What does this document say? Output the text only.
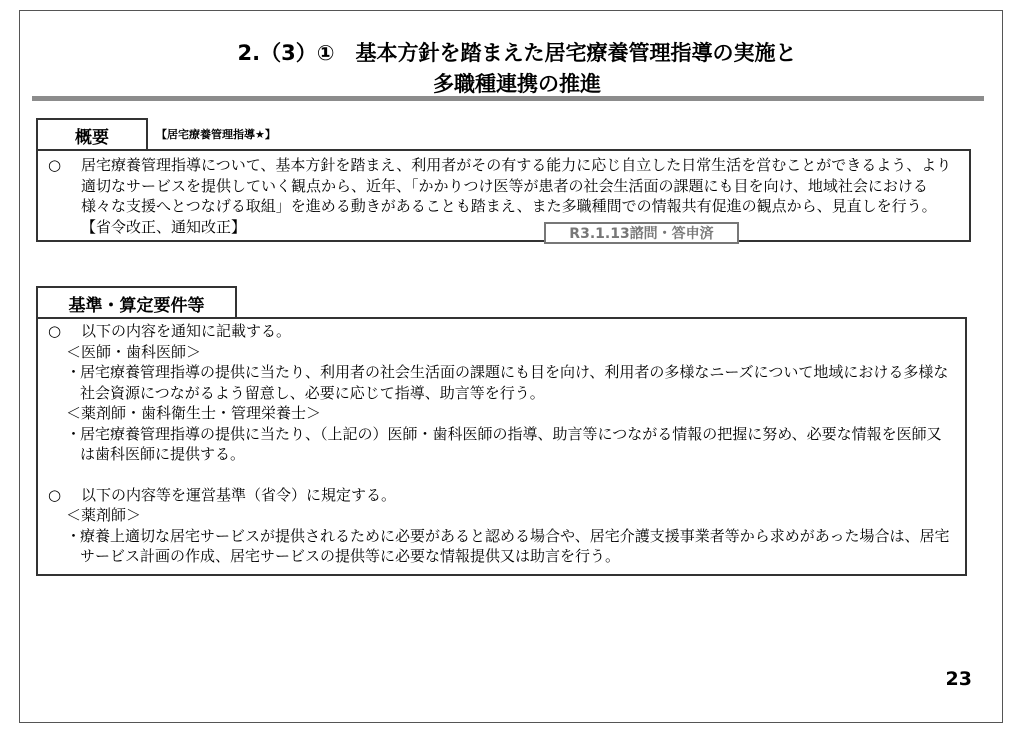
2.（3）①　基本方針を踏まえた居宅療養管理指導の実施と
多職種連携の推進
概要	【居宅療養管理指導★】
○	居宅療養管理指導について、基本方針を踏まえ、利用者がその有する能力に応じ自立した日常生活を営むことができるよう、より適切なサービスを提供していく観点から、近年、「かかりつけ医等が患者の社会生活面の課題にも目を向け、地域社会における様々な支援へとつなげる取組」を進める動きがあることも踏まえ、また多職種間での情報共有促進の観点から、見直しを行う。【省令改正、通知改正】	R3.1.13諮問・答申済
基準・算定要件等
○	以下の内容を通知に記載する。
＜医師・歯科医師＞
・
居宅療養管理指導の提供に当たり、利用者の社会生活面の課題にも目を向け、利用者の多様なニーズについて地域における多様な社会資源につながるよう留意し、必要に応じて指導、助言等を行う。
＜薬剤師・歯科衛生士・管理栄養士＞
・
居宅療養管理指導の提供に当たり、（上記の）医師・歯科医師の指導、助言等につながる情報の把握に努め、必要な情報を医師又は歯科医師に提供する。
○	以下の内容等を運営基準（省令）に規定する。
＜薬剤師＞
・
療養上適切な居宅サービスが提供されるために必要があると認める場合や、居宅介護支援事業者等から求めがあった場合は、居宅サービス計画の作成、居宅サービスの提供等に必要な情報提供又は助言を行う。
23
